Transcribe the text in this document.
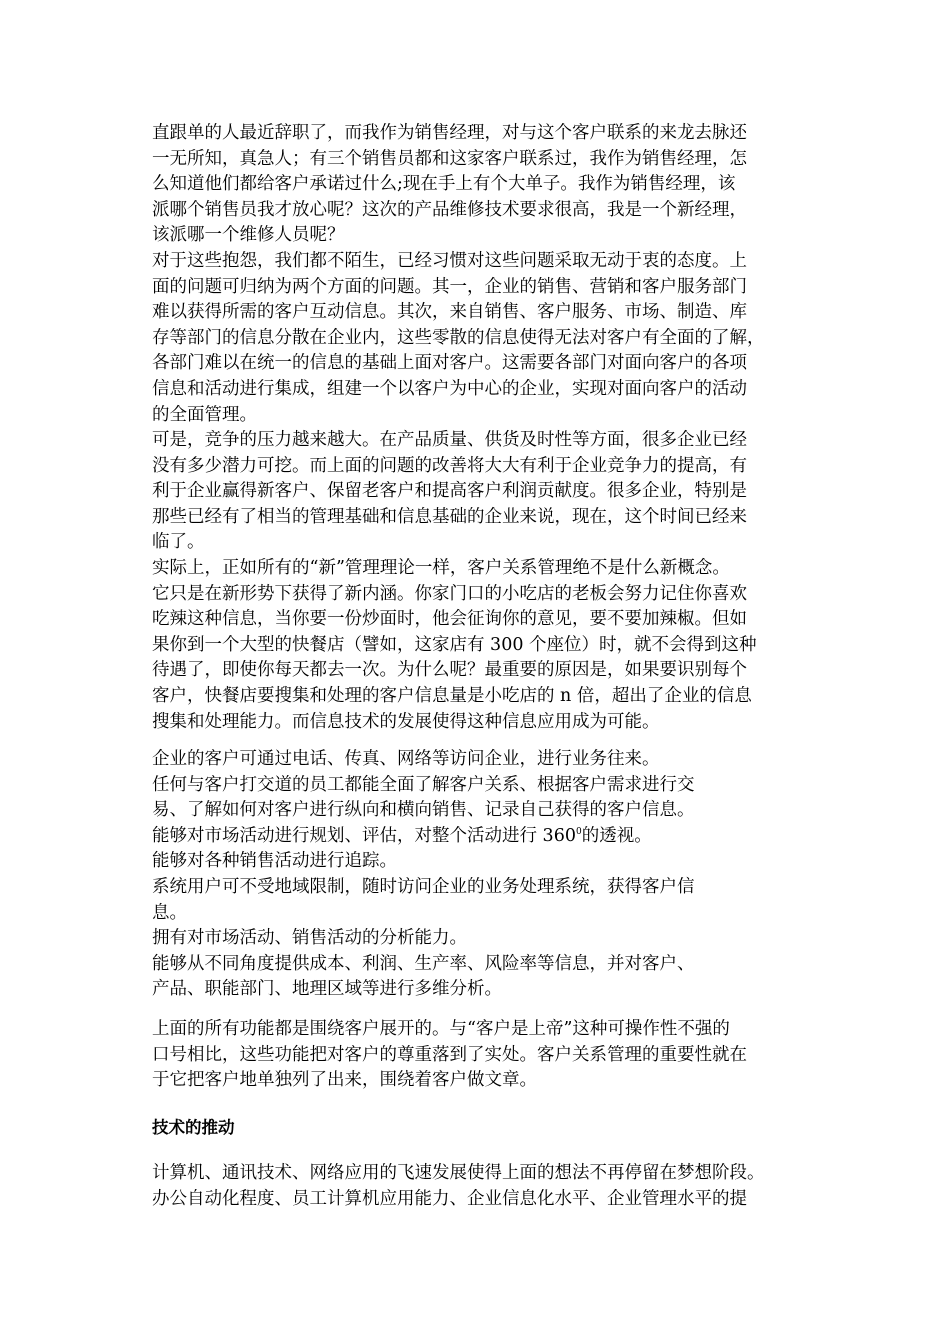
直跟单的人最近辞职了，而我作为销售经理，对与这个客户联系的来龙去脉还
一无所知，真急人；有三个销售员都和这家客户联系过，我作为销售经理，怎
么知道他们都给客户承诺过什么;现在手上有个大单子。我作为销售经理，该
派哪个销售员我才放心呢？这次的产品维修技术要求很高，我是一个新经理，
该派哪一个维修人员呢？
对于这些抱怨，我们都不陌生，已经习惯对这些问题采取无动于衷的态度。上
面的问题可归纳为两个方面的问题。其一，企业的销售、营销和客户服务部门
难以获得所需的客户互动信息。其次，来自销售、客户服务、市场、制造、库
存等部门的信息分散在企业内，这些零散的信息使得无法对客户有全面的了解，
各部门难以在统一的信息的基础上面对客户。这需要各部门对面向客户的各项
信息和活动进行集成，组建一个以客户为中心的企业，实现对面向客户的活动
的全面管理。
可是，竞争的压力越来越大。在产品质量、供货及时性等方面，很多企业已经
没有多少潜力可挖。而上面的问题的改善将大大有利于企业竞争力的提高，有
利于企业赢得新客户、保留老客户和提高客户利润贡献度。很多企业，特别是
那些已经有了相当的管理基础和信息基础的企业来说，现在，这个时间已经来
临了。
实际上，正如所有的“新”管理理论一样，客户关系管理绝不是什么新概念。
它只是在新形势下获得了新内涵。你家门口的小吃店的老板会努力记住你喜欢
吃辣这种信息，当你要一份炒面时，他会征询你的意见，要不要加辣椒。但如
果你到一个大型的快餐店（譬如，这家店有 300 个座位）时，就不会得到这种
待遇了，即使你每天都去一次。为什么呢？最重要的原因是，如果要识别每个
客户，快餐店要搜集和处理的客户信息量是小吃店的 n 倍，超出了企业的信息
搜集和处理能力。而信息技术的发展使得这种信息应用成为可能。
企业的客户可通过电话、传真、网络等访问企业，进行业务往来。
任何与客户打交道的员工都能全面了解客户关系、根据客户需求进行交
易、了解如何对客户进行纵向和横向销售、记录自己获得的客户信息。
能够对市场活动进行规划、评估，对整个活动进行 $360^0$的透视。
能够对各种销售活动进行追踪。
系统用户可不受地域限制，随时访问企业的业务处理系统，获得客户信
息。
拥有对市场活动、销售活动的分析能力。
能够从不同角度提供成本、利润、生产率、风险率等信息，并对客户、
产品、职能部门、地理区域等进行多维分析。
上面的所有功能都是围绕客户展开的。与“客户是上帝”这种可操作性不强的
口号相比，这些功能把对客户的尊重落到了实处。客户关系管理的重要性就在
于它把客户地单独列了出来，围绕着客户做文章。
技术的推动
计算机、通讯技术、网络应用的飞速发展使得上面的想法不再停留在梦想阶段。
办公自动化程度、员工计算机应用能力、企业信息化水平、企业管理水平的提
